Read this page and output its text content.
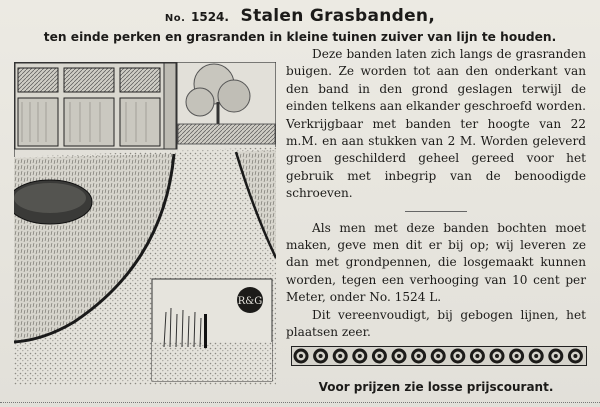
No. 1524. Stalen Grasbanden,
ten einde perken en grasranden in kleine tuinen zuiver van lijn te houden.
R&G

Deze banden laten zich langs de grasranden buigen. Ze worden tot aan den onderkant van den band in den grond geslagen terwijl de einden telkens aan elkander geschroefd worden. Verkrijgbaar met banden ter hoogte van 22 m.M. en aan stukken van 2 M. Worden geleverd groen geschilderd geheel gereed voor het gebruik met inbegrip van de benoodigde schroeven.

Als men met deze banden bochten moet maken, geve men dit er bij op; wij leveren ze dan met grondpennen, die losgemaakt kunnen worden, tegen een verhooging van 10 cent per Meter, onder No. 1524 L.

Dit vereenvoudigt, bij gebogen lijnen, het plaatsen zeer.

Voor prijzen zie losse prijscourant.
